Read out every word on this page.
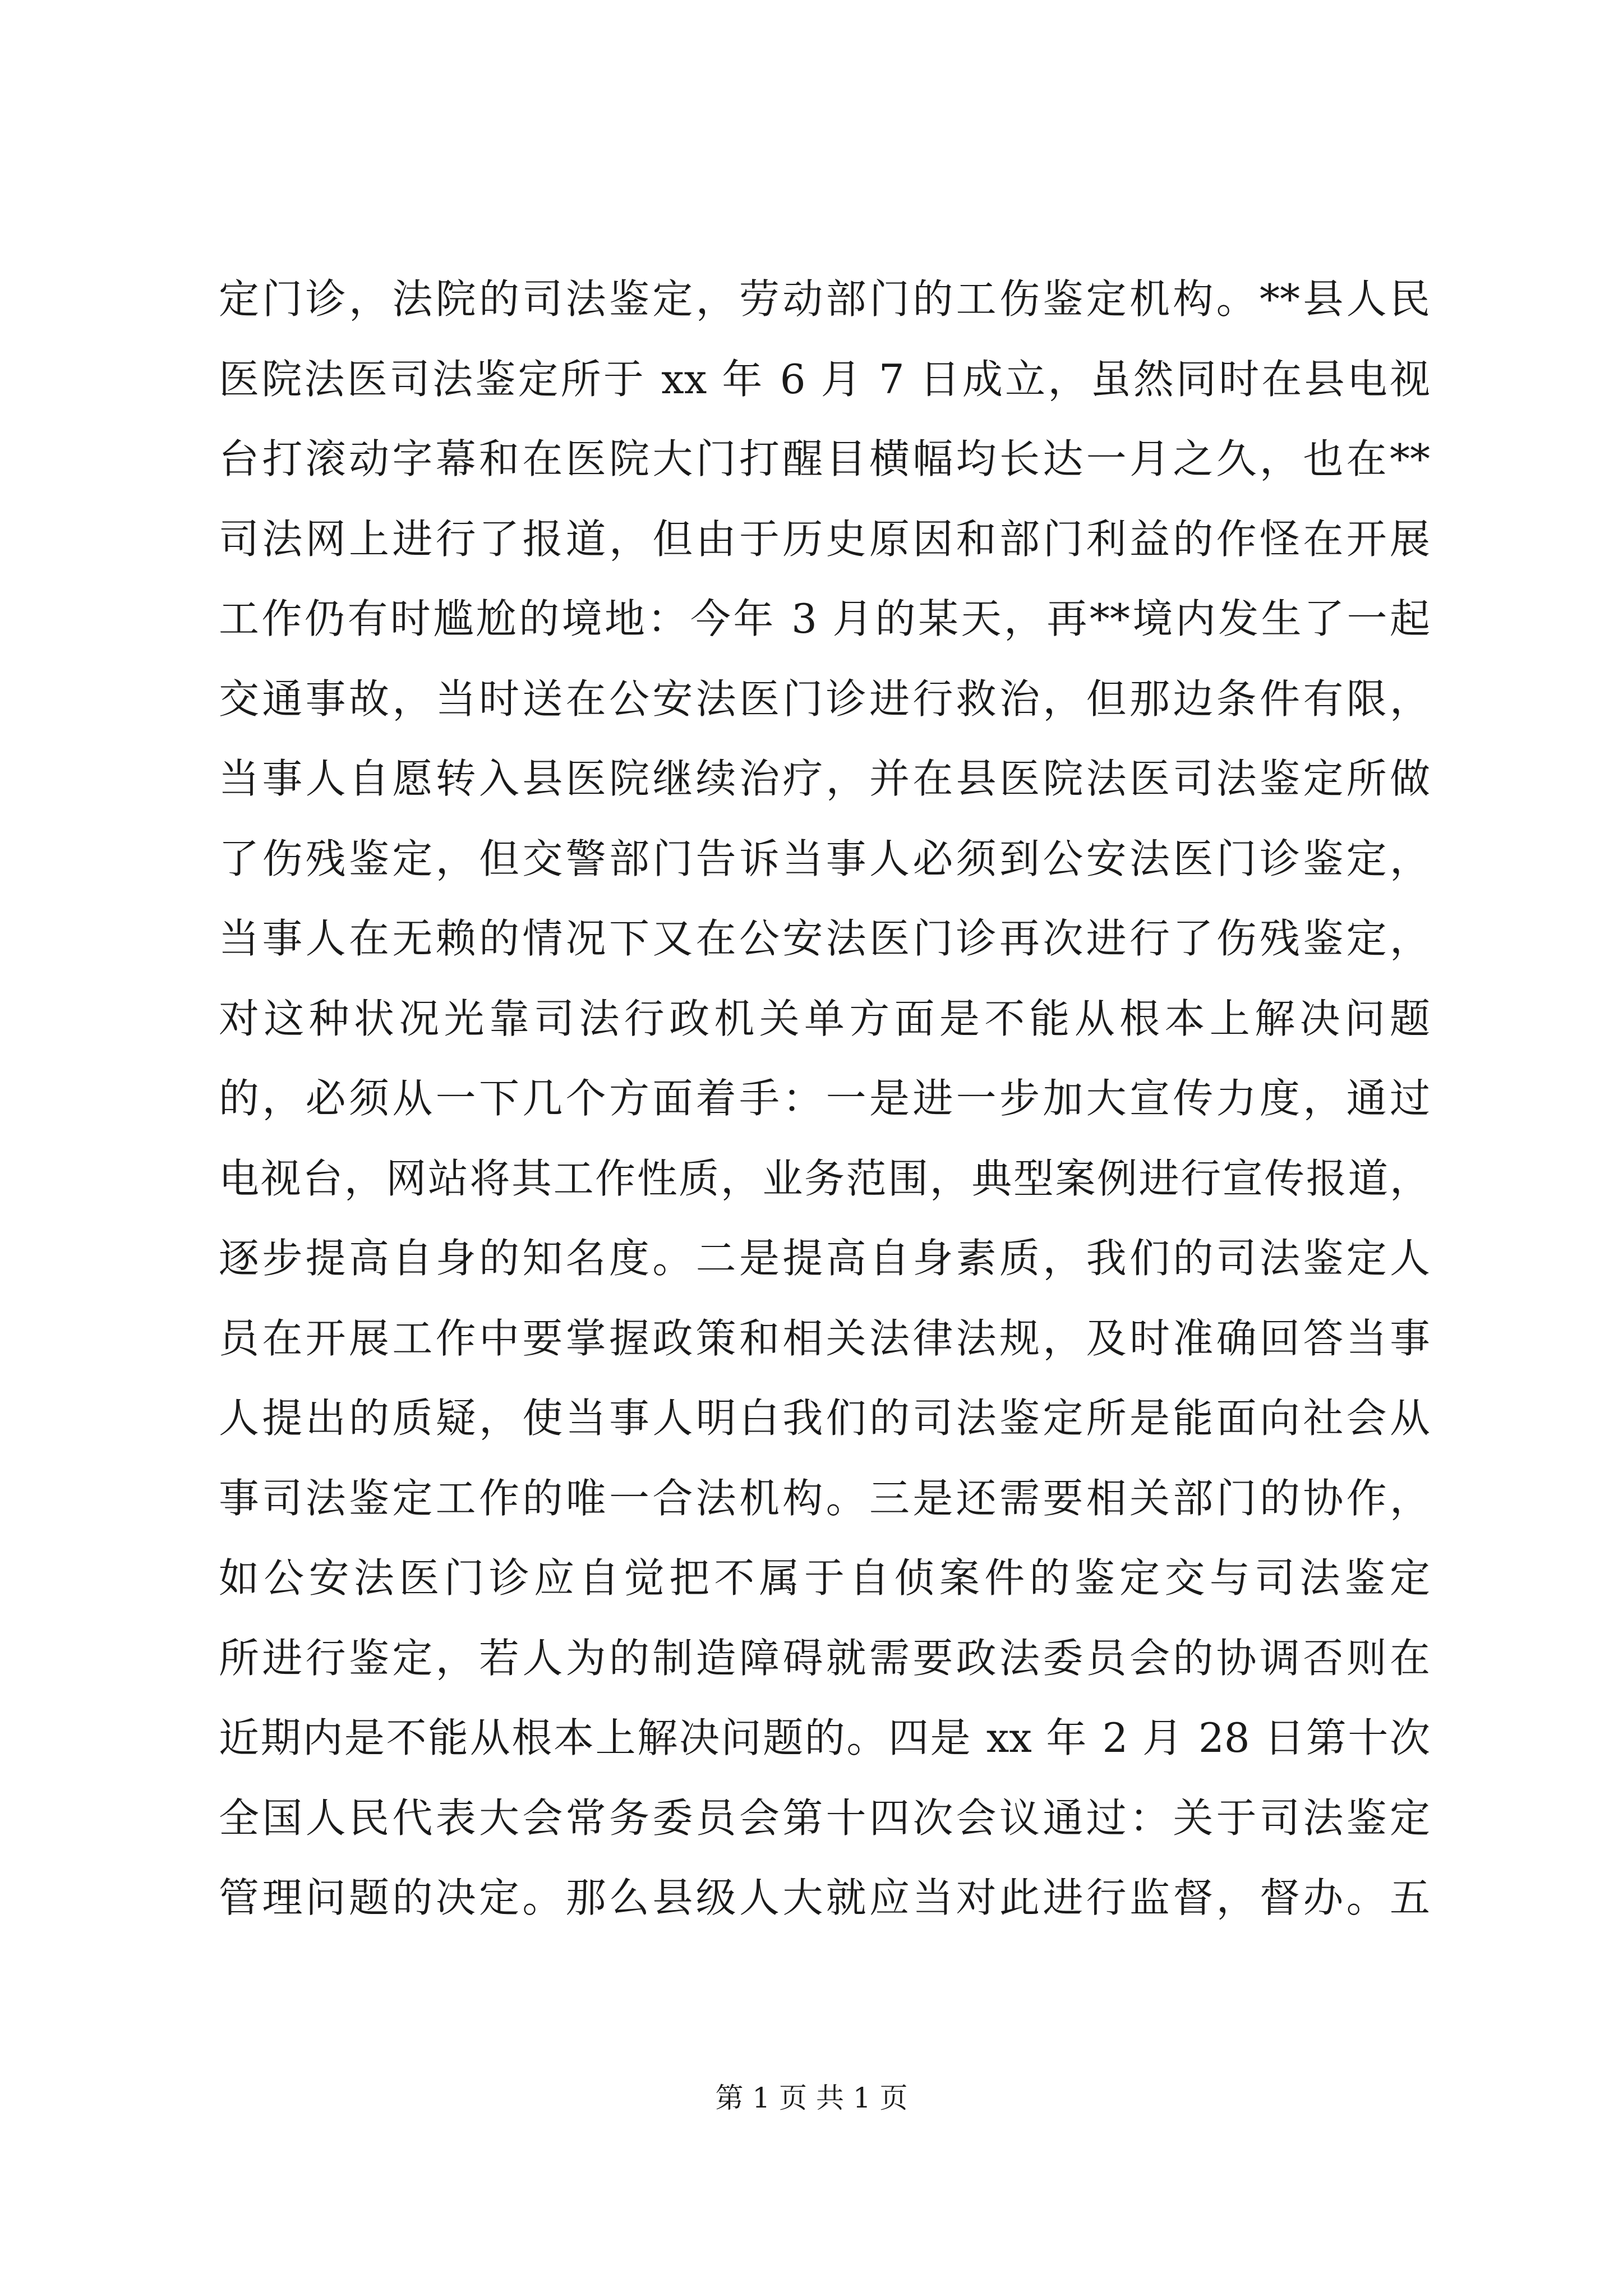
定门诊，法院的司法鉴定，劳动部门的工伤鉴定机构。**县人民
医院法医司法鉴定所于 xx 年 6 月 7 日成立，虽然同时在县电视
台打滚动字幕和在医院大门打醒目横幅均长达一月之久，也在**
司法网上进行了报道，但由于历史原因和部门利益的作怪在开展
工作仍有时尴尬的境地：今年 3 月的某天，再**境内发生了一起
交通事故，当时送在公安法医门诊进行救治，但那边条件有限，
当事人自愿转入县医院继续治疗，并在县医院法医司法鉴定所做
了伤残鉴定，但交警部门告诉当事人必须到公安法医门诊鉴定，
当事人在无赖的情况下又在公安法医门诊再次进行了伤残鉴定，
对这种状况光靠司法行政机关单方面是不能从根本上解决问题
的，必须从一下几个方面着手：一是进一步加大宣传力度，通过
电视台，网站将其工作性质，业务范围，典型案例进行宣传报道，
逐步提高自身的知名度。二是提高自身素质，我们的司法鉴定人
员在开展工作中要掌握政策和相关法律法规，及时准确回答当事
人提出的质疑，使当事人明白我们的司法鉴定所是能面向社会从
事司法鉴定工作的唯一合法机构。三是还需要相关部门的协作，
如公安法医门诊应自觉把不属于自侦案件的鉴定交与司法鉴定
所进行鉴定，若人为的制造障碍就需要政法委员会的协调否则在
近期内是不能从根本上解决问题的。四是 xx 年 2 月 28 日第十次
全国人民代表大会常务委员会第十四次会议通过：关于司法鉴定
管理问题的决定。那么县级人大就应当对此进行监督，督办。五
第 1 页 共 1 页
